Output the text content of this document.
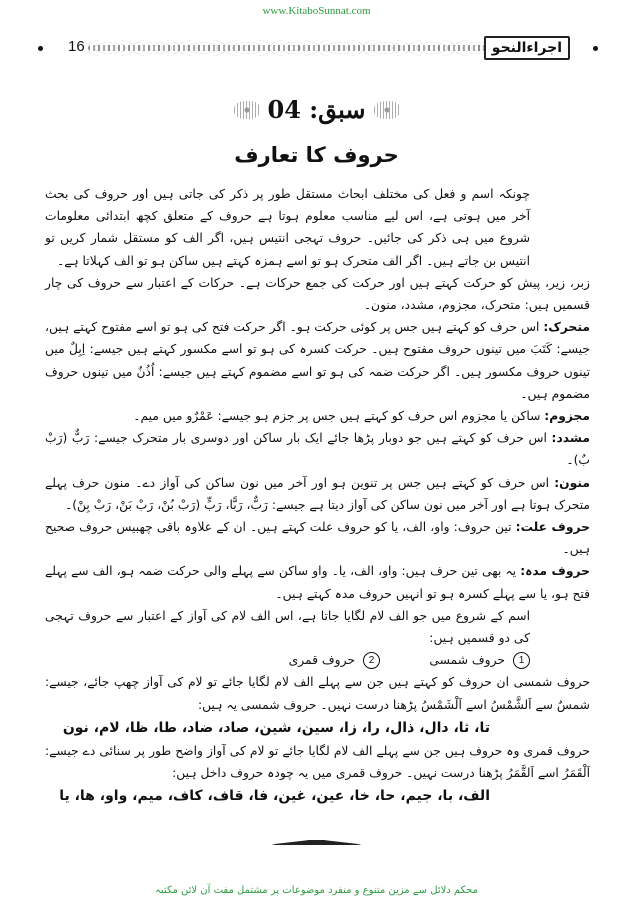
www.KitaboSunnat.com
16	اجراءالنحو
سبق: 04
حروف کا تعارف

چونکہ اسم و فعل کی مختلف ابحاث مستقل طور پر ذکر کی جاتی ہیں اور حروف کی بحث آخر میں ہوتی ہے، اس لیے مناسب معلوم ہوتا ہے حروف کے متعلق کچھ ابتدائی معلومات شروع میں ہی ذکر کی جائیں۔ حروف تہجی انتیس ہیں، اگر الف کو مستقل شمار کریں تو انتیس بن جاتے ہیں۔ اگر الف متحرک ہو تو اسے ہمزہ کہتے ہیں ساکن ہو تو الف کہلاتا ہے۔

زبر، زیر، پیش کو حرکت کہتے ہیں اور حرکت کی جمع حرکات ہے۔ حرکات کے اعتبار سے حروف کی چار قسمیں ہیں: متحرک، مجزوم، مشدد، منون۔

متحرک: اس حرف کو کہتے ہیں جس پر کوئی حرکت ہو۔ اگر حرکت فتح کی ہو تو اسے مفتوح کہتے ہیں، جیسے: کَتَبَ میں تینوں حروف مفتوح ہیں۔ حرکت کسرہ کی ہو تو اسے مکسور کہتے ہیں جیسے: اِبِلٌ میں تینوں حروف مکسور ہیں۔ اگر حرکت ضمہ کی ہو تو اسے مضموم کہتے ہیں جیسے: اُذُنٌ میں تینوں حروف مضموم ہیں۔

مجزوم: ساکن یا مجزوم اس حرف کو کہتے ہیں جس پر جزم ہو جیسے: عَمْرٌو میں میم۔

مشدد: اس حرف کو کہتے ہیں جو دوبار پڑھا جائے ایک بار ساکن اور دوسری بار متحرک جیسے: رَبٌّ (رَبْ بٌ)۔

منون: اس حرف کو کہتے ہیں جس پر تنوین ہو اور آخر میں نون ساکن کی آواز دے۔ منون حرف پہلے متحرک ہوتا ہے اور آخر میں نون ساکن کی آواز دیتا ہے جیسے: رَبٌّ، رَبًّا، رَبٍّ (رَبْ بُنْ، رَبْ بَنْ، رَبْ بِنْ)۔

حروف علت: تین حروف: واو، الف، یا کو حروف علت کہتے ہیں۔ ان کے علاوہ باقی چھبیس حروف صحیح ہیں۔

حروف مدہ: یہ بھی تین حرف ہیں: واو، الف، یا۔ واو ساکن سے پہلے والی حرکت ضمہ ہو، الف سے پہلے فتح ہو، یا سے پہلے کسرہ ہو تو انہیں حروف مدہ کہتے ہیں۔

اسم کے شروع میں جو الف لام لگایا جاتا ہے، اس الف لام کی آواز کے اعتبار سے حروف تہجی کی دو قسمیں ہیں:

1
حروف شمسی
2
حروف قمری

حروف شمسی ان حروف کو کہتے ہیں جن سے پہلے الف لام لگایا جائے تو لام کی آواز چھپ جائے، جیسے: شمسٌ سے اَلشَّمْسُ اسے اَلْشَمْسُ پڑھنا درست نہیں۔ حروف شمسی یہ ہیں:

تا، ثا، دال، ذال، را، زا، سین، شین، صاد، ضاد، طا، ظا، لام، نون

حروف قمری وہ حروف ہیں جن سے پہلے الف لام لگایا جائے تو لام کی آواز واضح طور پر سنائی دے جیسے: اَلْقَمَرُ اسے اَلقَّمَرُ پڑھنا درست نہیں۔ حروف قمری میں یہ چودہ حروف داخل ہیں:

الف، با، جیم، حا، خا، عین، غین، فا، قاف، کاف، میم، واو، ھا، یا

محکم دلائل سے مزین متنوع و منفرد موضوعات پر مشتمل مفت آن لائن مکتبہ
